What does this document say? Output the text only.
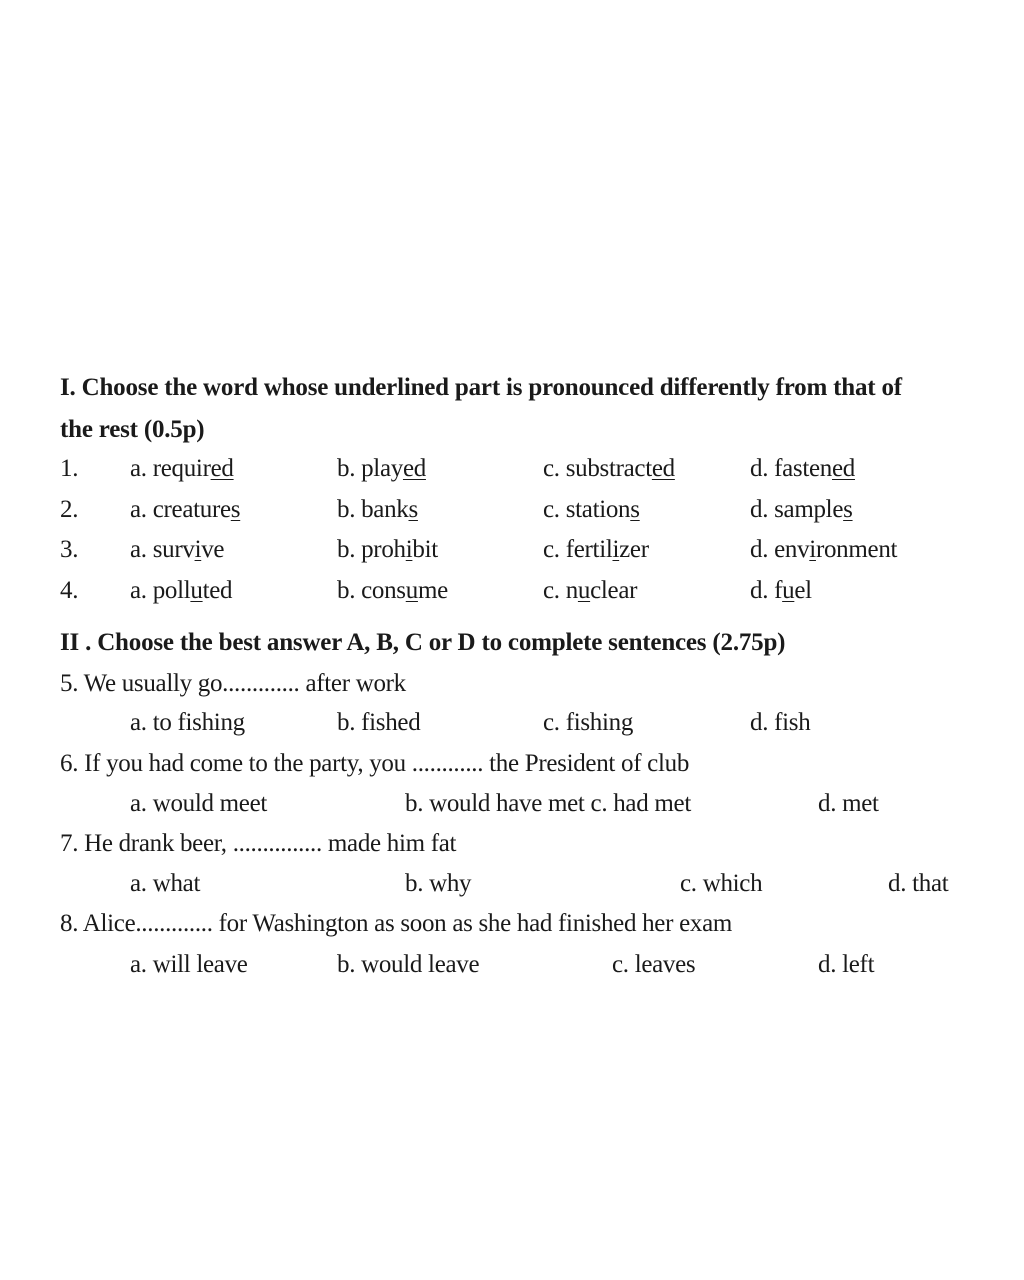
I. Choose the word whose underlined part is pronounced differently from that of
the rest (0.5p)
1. a. required	b. played	c. substracted	d. fastened
2. a. creatures	b. banks	c. stations	d. samples
3. a. survive	b. prohibit	c. fertilizer	d. environment
4. a. polluted	b. consume	c. nuclear	d. fuel
II . Choose the best answer A, B, C or D to complete sentences (2.75p)
5. We usually go............. after work
a. to fishing	b. fished	c. fishing	d. fish
6. If you had come to the party, you ............ the President of club
a. would meet	b. would have met c. had met	d. met
7. He drank beer, ............... made him fat
a. what	b. why	c. which	d. that
8. Alice............. for Washington as soon as she had finished her exam
a. will leave	b. would leave	c. leaves	d. left
